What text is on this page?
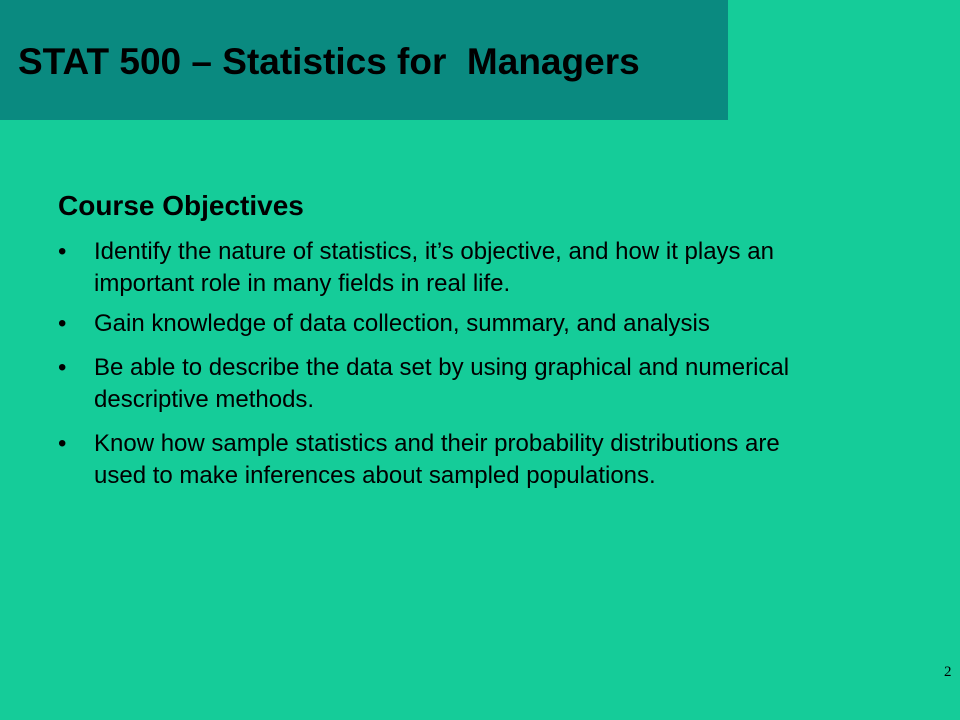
STAT 500 – Statistics for  Managers
Course Objectives
•	Identify the nature of statistics, it’s objective, and how it plays an important role in many fields in real life.
•	Gain knowledge of data collection, summary, and analysis
•	Be able to describe the data set by using graphical and numerical descriptive methods.
•	Know how sample statistics and their probability distributions are used to make inferences about sampled populations.
2
